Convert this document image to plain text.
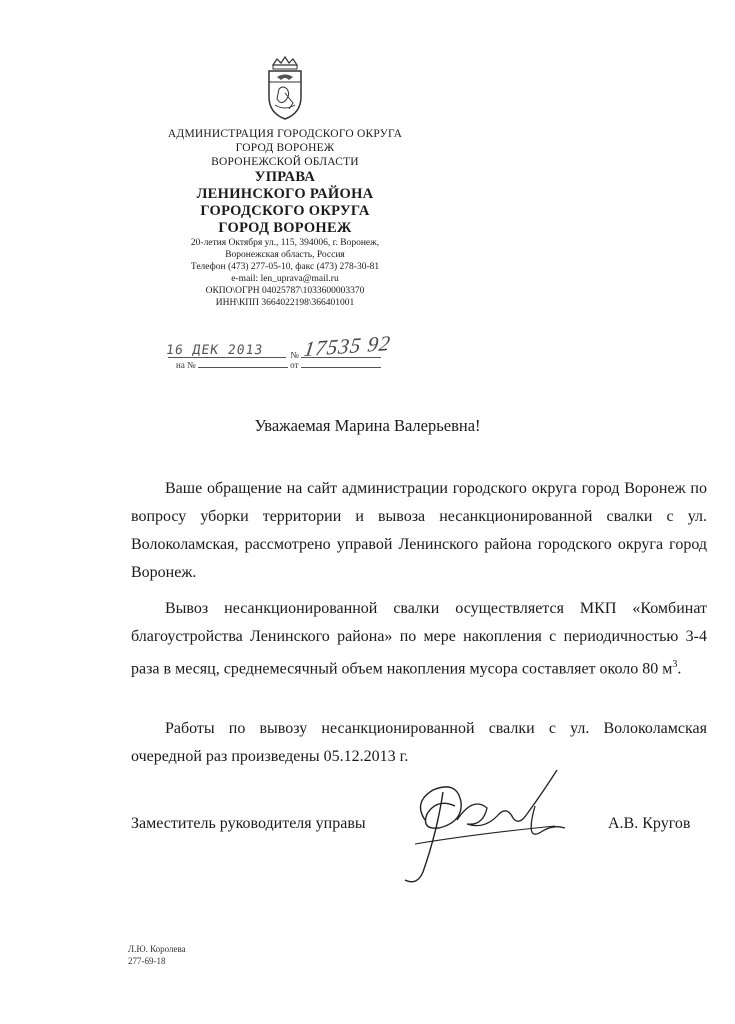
АДМИНИСТРАЦИЯ ГОРОДСКОГО ОКРУГА
ГОРОД ВОРОНЕЖ
ВОРОНЕЖСКОЙ ОБЛАСТИ
УПРАВА
ЛЕНИНСКОГО РАЙОНА
ГОРОДСКОГО ОКРУГА
ГОРОД ВОРОНЕЖ
20-летия Октября ул., 115, 394006, г. Воронеж,
Воронежская область, Россия
Телефон (473) 277-05-10, факс (473) 278-30-81
e-mail: len_uprava@mail.ru
ОКПО\ОГРН 04025787\1033600003370
ИНН\КПП 3664022198\366401001
№
16 ДЕК 2013 17535 92
на №	от
Уважаемая Марина Валерьевна!
Ваше обращение на сайт администрации городского округа город Воронеж по вопросу уборки территории и вывоза несанкционированной свалки с ул. Волоколамская, рассмотрено управой Ленинского района городского округа город Воронеж.
Вывоз несанкционированной свалки осуществляется МКП «Комбинат благоустройства Ленинского района» по мере накопления с периодичностью 3-4 раза в месяц, среднемесячный объем накопления мусора составляет около 80 $м^3$.
Работы по вывозу несанкционированной свалки с ул. Волоколамская очередной раз произведены 05.12.2013 г.
Заместитель руководителя управы	А.В. Кругов
Л.Ю. Королева
277-69-18
